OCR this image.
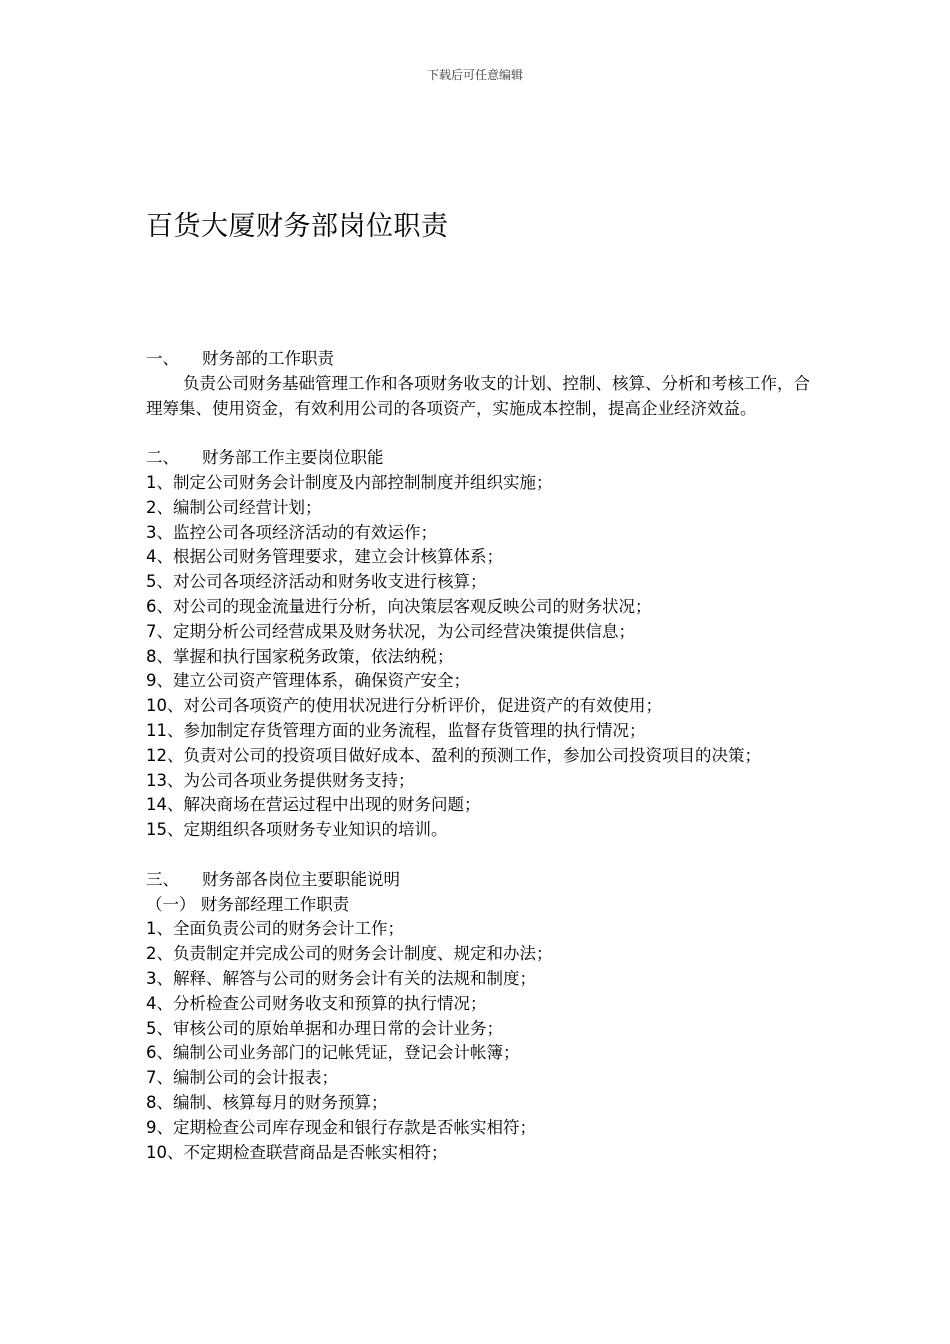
下载后可任意编辑
百货大厦财务部岗位职责
一、	财务部的工作职责

负责公司财务基础管理工作和各项财务收支的计划、控制、核算、分析和考核工作，合理筹集、使用资金，有效利用公司的各项资产，实施成本控制，提高企业经济效益。

二、	财务部工作主要岗位职能
1、制定公司财务会计制度及内部控制制度并组织实施；
2、编制公司经营计划；
3、监控公司各项经济活动的有效运作；
4、根据公司财务管理要求，建立会计核算体系；
5、对公司各项经济活动和财务收支进行核算；
6、对公司的现金流量进行分析，向决策层客观反映公司的财务状况；
7、定期分析公司经营成果及财务状况，为公司经营决策提供信息；
8、掌握和执行国家税务政策，依法纳税；
9、建立公司资产管理体系，确保资产安全；
10、对公司各项资产的使用状况进行分析评价，促进资产的有效使用；
11、参加制定存货管理方面的业务流程，监督存货管理的执行情况；
12、负责对公司的投资项目做好成本、盈利的预测工作，参加公司投资项目的决策；
13、为公司各项业务提供财务支持；
14、解决商场在营运过程中出现的财务问题；
15、定期组织各项财务专业知识的培训。
三、	财务部各岗位主要职能说明

（一） 财务部经理工作职责

1、全面负责公司的财务会计工作；
2、负责制定并完成公司的财务会计制度、规定和办法；
3、解释、解答与公司的财务会计有关的法规和制度；
4、分析检查公司财务收支和预算的执行情况；
5、审核公司的原始单据和办理日常的会计业务；
6、编制公司业务部门的记帐凭证，登记会计帐簿；
7、编制公司的会计报表；
8、编制、核算每月的财务预算；
9、定期检查公司库存现金和银行存款是否帐实相符；
10、不定期检查联营商品是否帐实相符；
